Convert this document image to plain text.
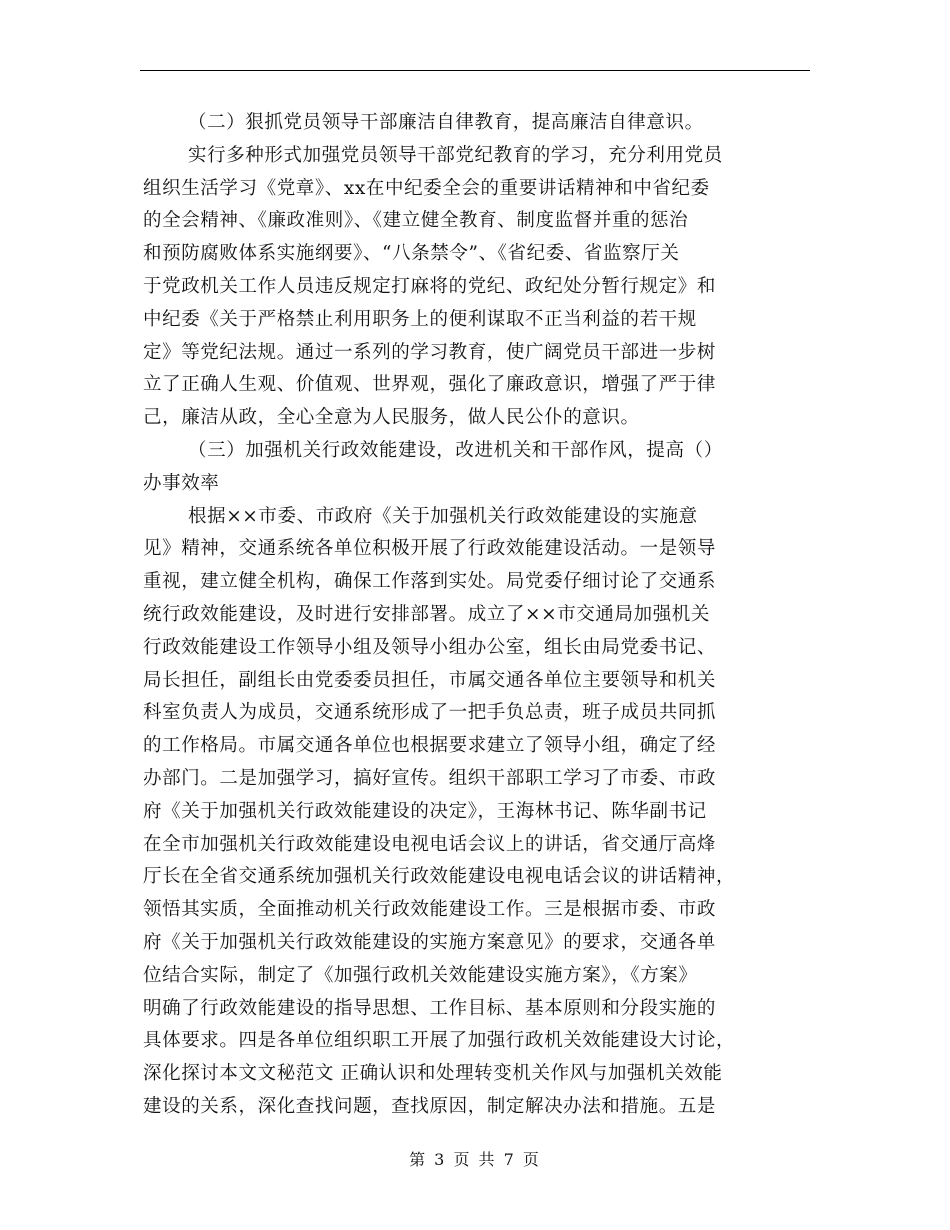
（二）狠抓党员领导干部廉洁自律教育，提高廉洁自律意识。
实行多种形式加强党员领导干部党纪教育的学习，充分利用党员
组织生活学习《党章》、xx在中纪委全会的重要讲话精神和中省纪委
的全会精神、《廉政准则》、《建立健全教育、制度监督并重的惩治
和预防腐败体系实施纲要》、“八条禁令”、《省纪委、省监察厅关
于党政机关工作人员违反规定打麻将的党纪、政纪处分暂行规定》和
中纪委《关于严格禁止利用职务上的便利谋取不正当利益的若干规
定》等党纪法规。通过一系列的学习教育，使广阔党员干部进一步树
立了正确人生观、价值观、世界观，强化了廉政意识，增强了严于律
己，廉洁从政，全心全意为人民服务，做人民公仆的意识。
（三）加强机关行政效能建设，改进机关和干部作风，提高（）
办事效率
根据××市委、市政府《关于加强机关行政效能建设的实施意
见》精神，交通系统各单位积极开展了行政效能建设活动。一是领导
重视，建立健全机构，确保工作落到实处。局党委仔细讨论了交通系
统行政效能建设，及时进行安排部署。成立了××市交通局加强机关
行政效能建设工作领导小组及领导小组办公室，组长由局党委书记、
局长担任，副组长由党委委员担任，市属交通各单位主要领导和机关
科室负责人为成员，交通系统形成了一把手负总责，班子成员共同抓
的工作格局。市属交通各单位也根据要求建立了领导小组，确定了经
办部门。二是加强学习，搞好宣传。组织干部职工学习了市委、市政
府《关于加强机关行政效能建设的决定》，王海林书记、陈华副书记
在全市加强机关行政效能建设电视电话会议上的讲话，省交通厅高烽
厅长在全省交通系统加强机关行政效能建设电视电话会议的讲话精神，
领悟其实质，全面推动机关行政效能建设工作。三是根据市委、市政
府《关于加强机关行政效能建设的实施方案意见》的要求，交通各单
位结合实际，制定了《加强行政机关效能建设实施方案》，《方案》
明确了行政效能建设的指导思想、工作目标、基本原则和分段实施的
具体要求。四是各单位组织职工开展了加强行政机关效能建设大讨论，
深化探讨本文文秘范文 正确认识和处理转变机关作风与加强机关效能
建设的关系，深化查找问题，查找原因，制定解决办法和措施。五是
第 3 页 共 7 页
